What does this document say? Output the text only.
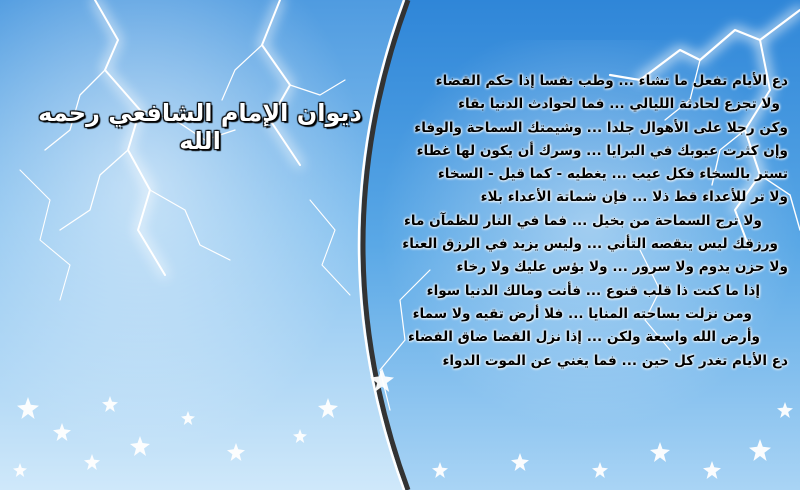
ديوان الإمام الشافعي رحمه الله
دع الأيام تفعل ما تشاء ... وطب نفسا إذا حكم القضاء
ولا تجزع لحادثة الليالي ... فما لحوادث الدنيا بقاء
وكن رجلا على الأهوال جلدا ... وشيمتك السماحة والوفاء
وإن كثرت عيوبك في البرايا ... وسرك أن يكون لها غطاء
تستر بالسخاء فكل عيب ... يغطيه - كما قيل - السخاء
ولا تر للأعداء قط ذلا ... فإن شماتة الأعداء بلاء
ولا ترج السماحة من بخيل ... فما في النار للظمآن ماء
ورزقك ليس ينقصه التأني ... وليس يزيد في الرزق العناء
ولا حزن يدوم ولا سرور ... ولا بؤس عليك ولا رخاء
إذا ما كنت ذا قلب قنوع ... فأنت ومالك الدنيا سواء
ومن نزلت بساحته المنايا ... فلا أرض تقيه ولا سماء
وأرض الله واسعة ولكن ... إذا نزل القضا ضاق الفضاء
دع الأيام تغدر كل حين ... فما يغني عن الموت الدواء
